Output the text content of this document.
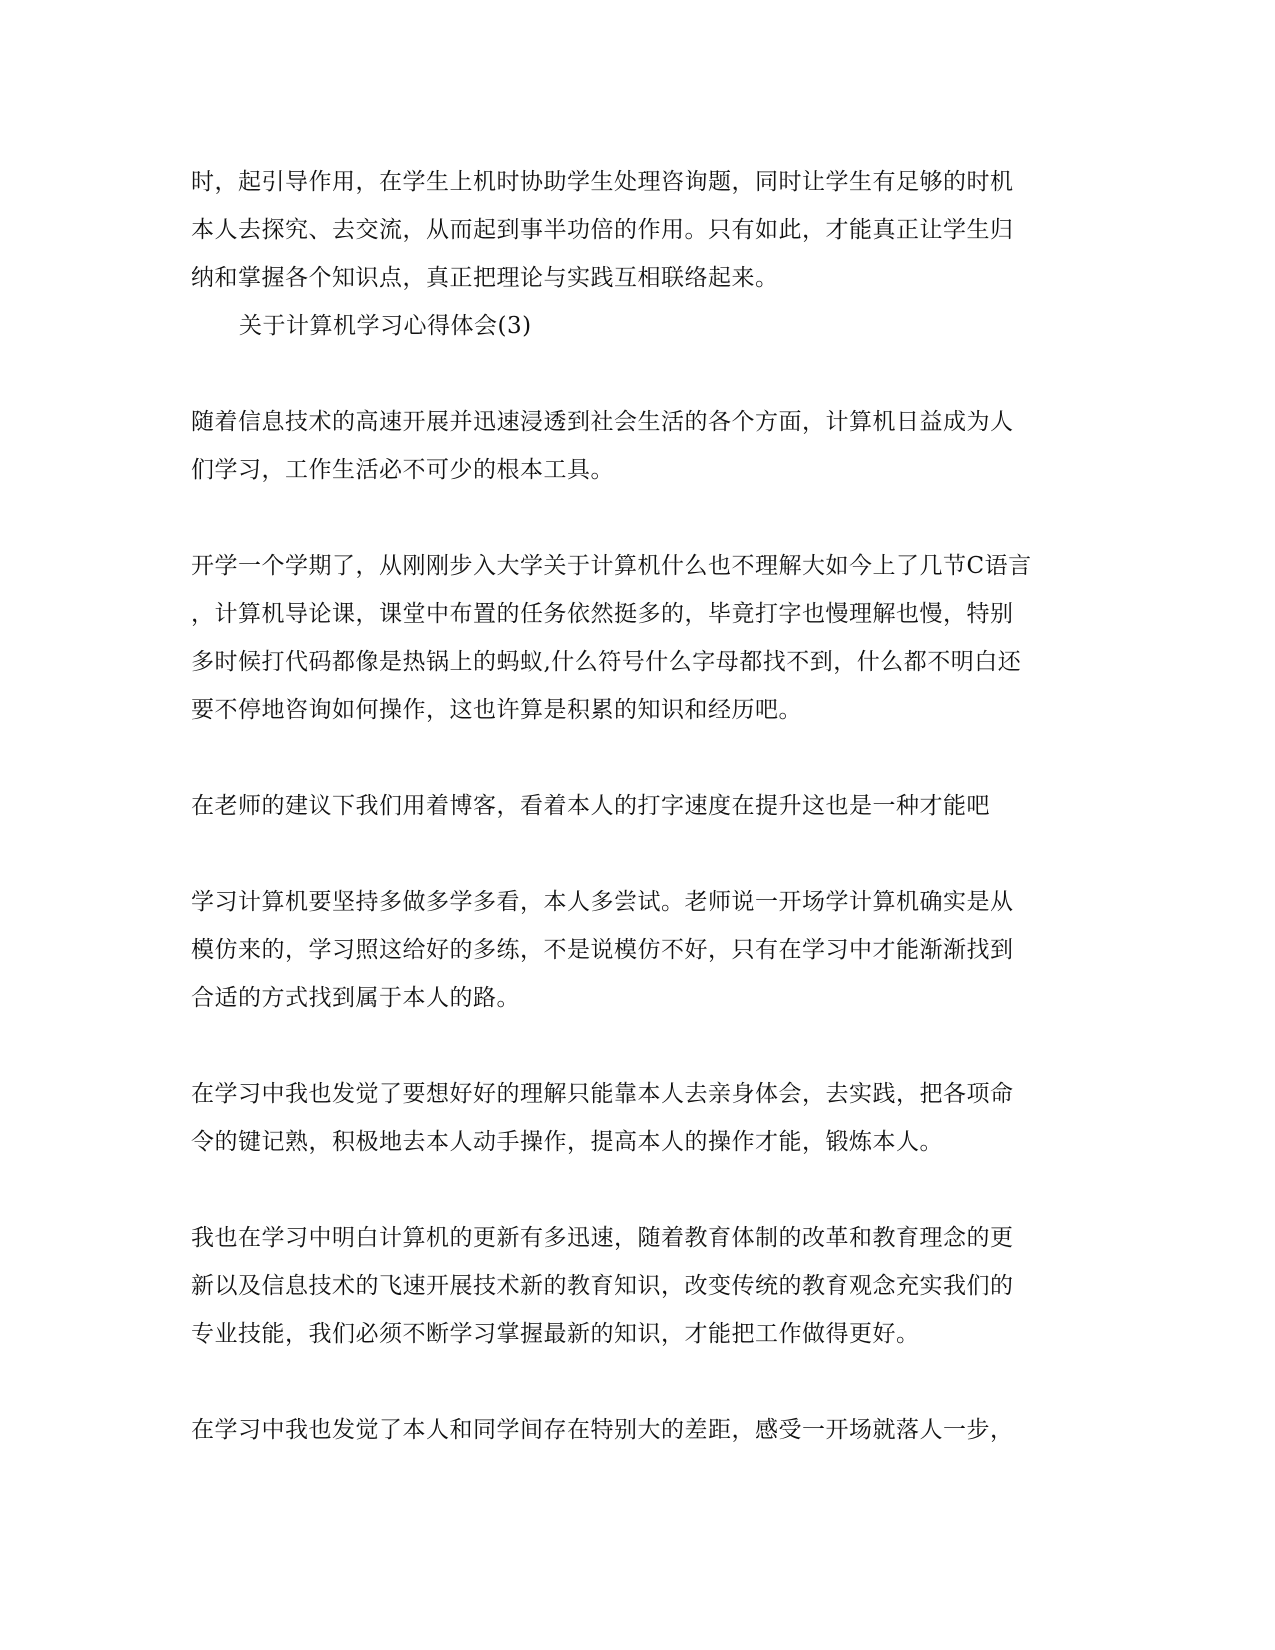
时，起引导作用，在学生上机时协助学生处理咨询题，同时让学生有足够的时机
本人去探究、去交流，从而起到事半功倍的作用。只有如此，才能真正让学生归
纳和掌握各个知识点，真正把理论与实践互相联络起来。
关于计算机学习心得体会(3)
随着信息技术的高速开展并迅速浸透到社会生活的各个方面，计算机日益成为人
们学习，工作生活必不可少的根本工具。
开学一个学期了，从刚刚步入大学关于计算机什么也不理解大如今上了几节C语言
，计算机导论课，课堂中布置的任务依然挺多的，毕竟打字也慢理解也慢，特别
多时候打代码都像是热锅上的蚂蚁,什么符号什么字母都找不到，什么都不明白还
要不停地咨询如何操作，这也许算是积累的知识和经历吧。
在老师的建议下我们用着博客，看着本人的打字速度在提升这也是一种才能吧
学习计算机要坚持多做多学多看，本人多尝试。老师说一开场学计算机确实是从
模仿来的，学习照这给好的多练，不是说模仿不好，只有在学习中才能渐渐找到
合适的方式找到属于本人的路。
在学习中我也发觉了要想好好的理解只能靠本人去亲身体会，去实践，把各项命
令的键记熟，积极地去本人动手操作，提高本人的操作才能，锻炼本人。
我也在学习中明白计算机的更新有多迅速，随着教育体制的改革和教育理念的更
新以及信息技术的飞速开展技术新的教育知识，改变传统的教育观念充实我们的
专业技能，我们必须不断学习掌握最新的知识，才能把工作做得更好。
在学习中我也发觉了本人和同学间存在特别大的差距，感受一开场就落人一步，
